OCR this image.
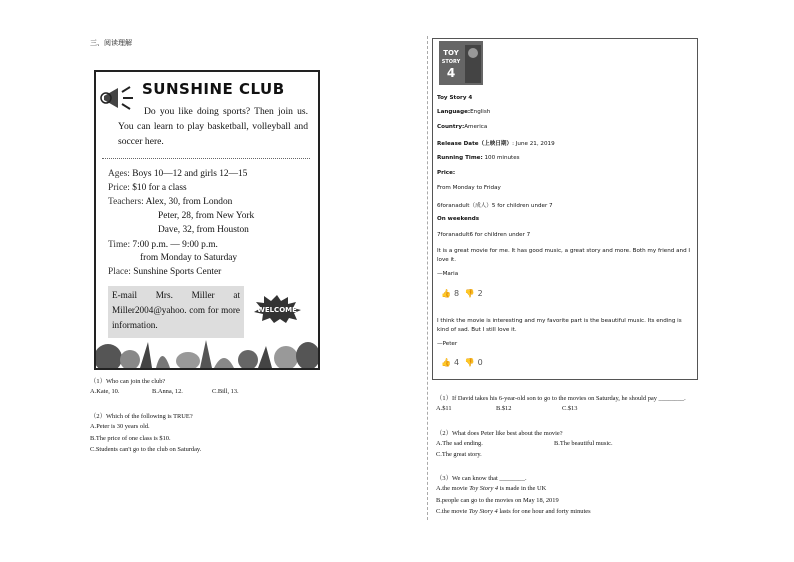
三、阅读理解
SUNSHINE CLUB
Do you like doing sports? Then join us. You can learn to play basketball, volleyball and soccer here.
Ages: Boys 10—12 and girls 12—15
Price: $10 for a class
Teachers: Alex, 30, from London
Peter, 28, from New York
Dave, 32, from Houston
Time: 7:00 p.m. — 9:00 p.m.
from Monday to Saturday
Place: Sunshine Sports Center
E-mail Mrs. Miller at Miller2004@yahoo. com for more information.
WELCOME
（1）Who can join the club?
A.Kate, 10.	B.Anna, 12.	C.Bill, 13.
（2）Which of the following is TRUE?
A.Peter is 30 years old.
B.The price of one class is $10.
C.Students can't go to the club on Saturday.
TOY
STORY
4
Toy Story 4
Language:English
Country:America
Release Date（上映日期）: June 21, 2019
Running Time: 100 minutes
Price:
From Monday to Friday
6foranadult（成人）5 for children under 7
On weekends
7foranadult6 for children under 7
It is a great movie for me. It has good music, a great story and more. Both my friend and I love it.
—Maria
👍 8 👎 2
I think the movie is interesting and my favorite part is the beautiful music. Its ending is kind of sad. But I still love it.
—Peter
👍 4 👎 0
（1）If David takes his 6-year-old son to go to the movies on Saturday, he should pay ________.
A.$11	B.$12	C.$13
（2）What does Peter like best about the movie?
A.The sad ending.	B.The beautiful music.
C.The great story.
（3）We can know that ________.
A.the movie Toy Story 4 is made in the UK
B.people can go to the movies on May 18, 2019
C.the movie Toy Story 4 lasts for one hour and forty minutes
